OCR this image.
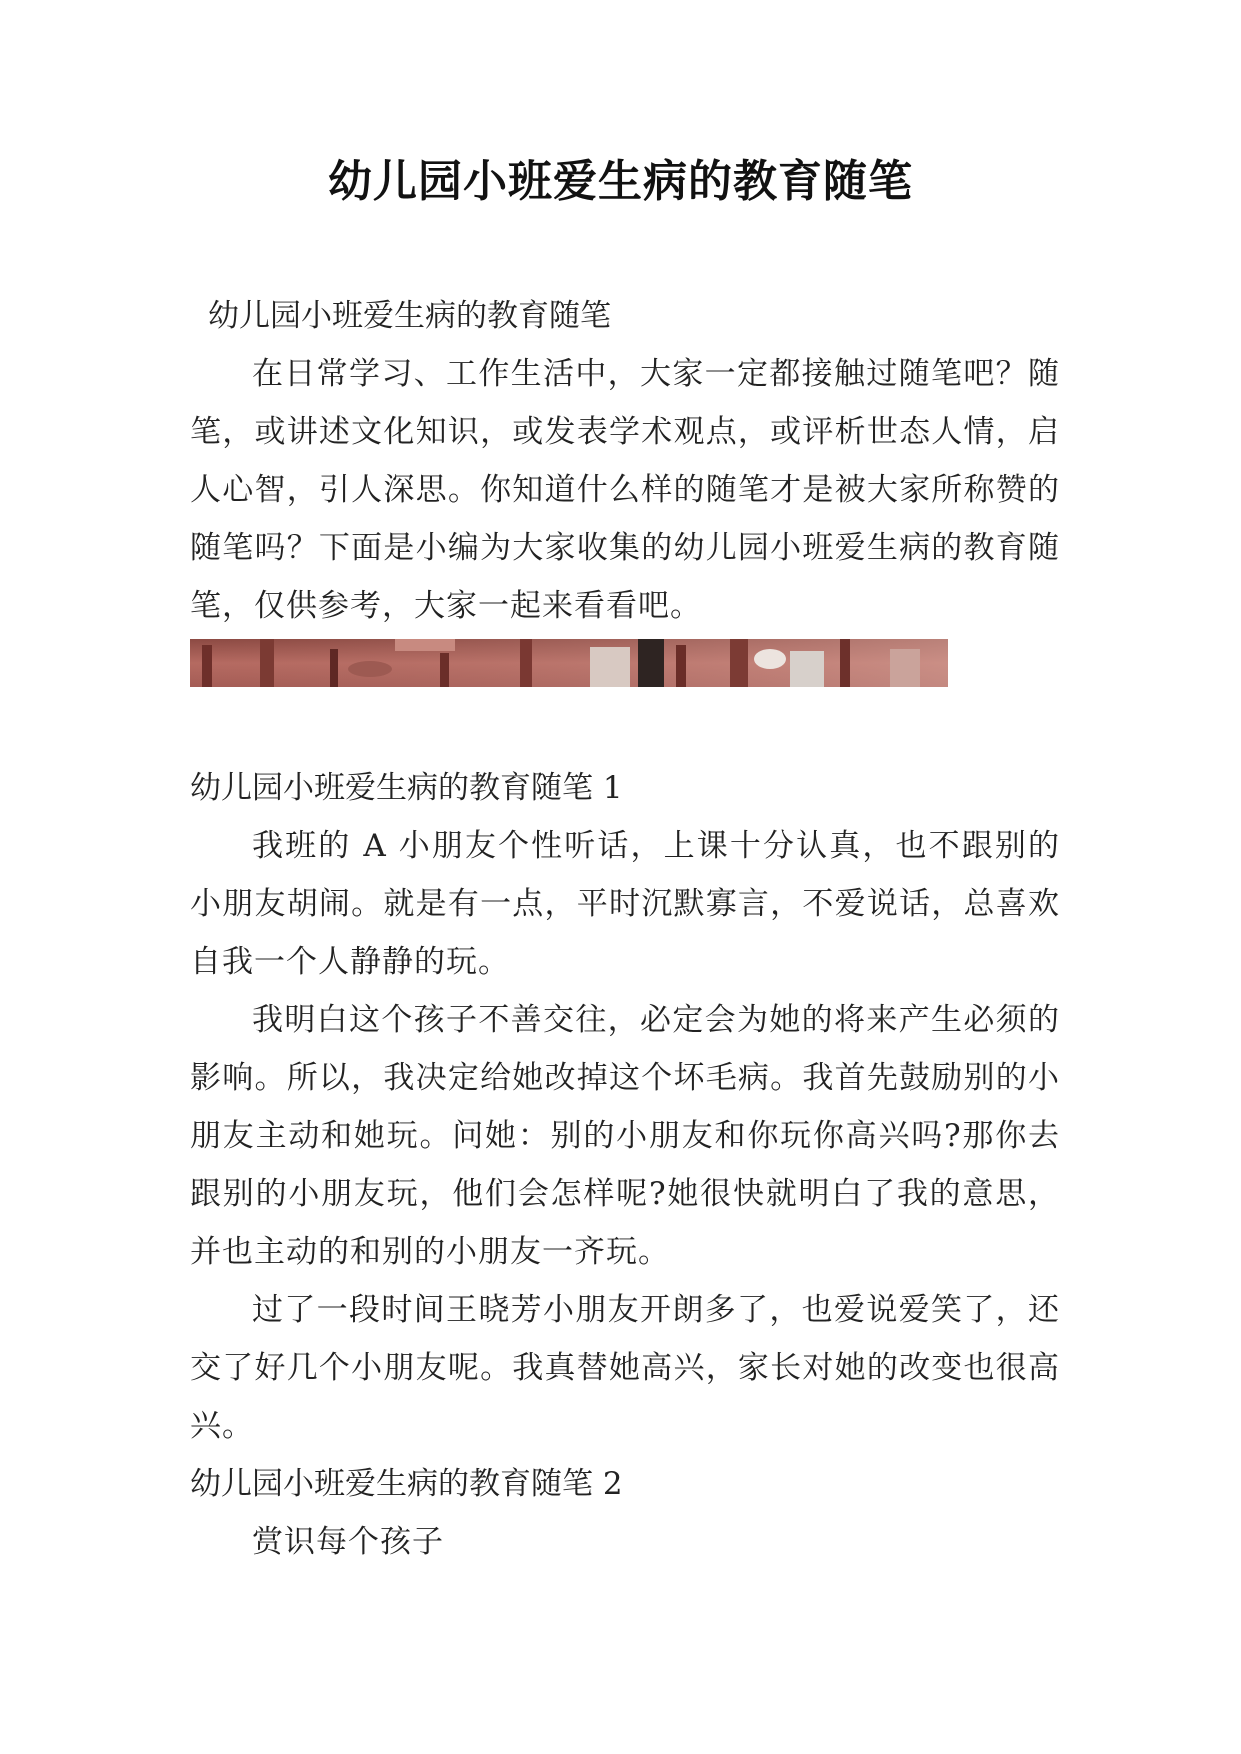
幼儿园小班爱生病的教育随笔

幼儿园小班爱生病的教育随笔

在日常学习、工作生活中，大家一定都接触过随笔吧？随笔，或讲述文化知识，或发表学术观点，或评析世态人情，启人心智，引人深思。你知道什么样的随笔才是被大家所称赞的随笔吗？下面是小编为大家收集的幼儿园小班爱生病的教育随笔，仅供参考，大家一起来看看吧。

幼儿园小班爱生病的教育随笔 1

我班的 A 小朋友个性听话，上课十分认真，也不跟别的小朋友胡闹。就是有一点，平时沉默寡言，不爱说话，总喜欢自我一个人静静的玩。

我明白这个孩子不善交往，必定会为她的将来产生必须的影响。所以，我决定给她改掉这个坏毛病。我首先鼓励别的小朋友主动和她玩。问她：别的小朋友和你玩你高兴吗?那你去跟别的小朋友玩，他们会怎样呢?她很快就明白了我的意思，并也主动的和别的小朋友一齐玩。

过了一段时间王晓芳小朋友开朗多了，也爱说爱笑了，还交了好几个小朋友呢。我真替她高兴，家长对她的改变也很高兴。

幼儿园小班爱生病的教育随笔 2

赏识每个孩子
